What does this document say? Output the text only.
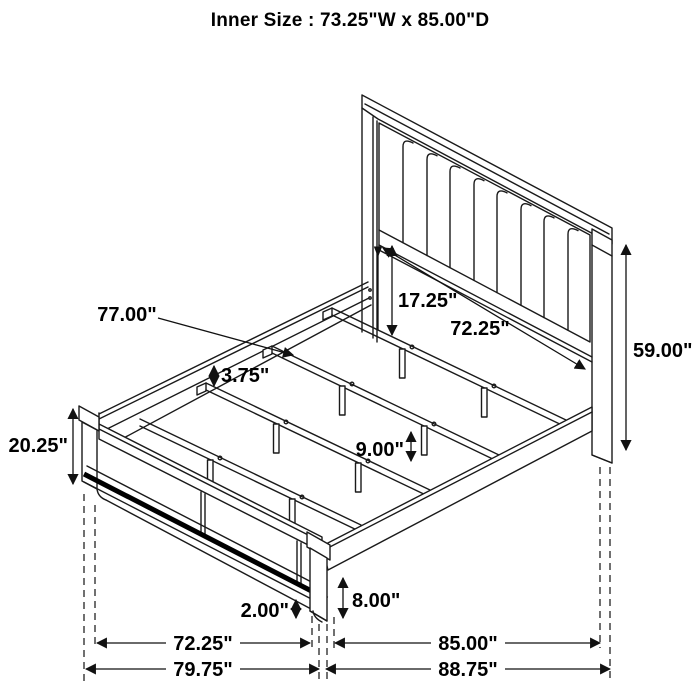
Inner Size : 73.25"W x 85.00"D
77.00"
3.75"
17.25"
72.25"
59.00"
20.25"	9.00"
2.00"	8.00"
72.25"	85.00"
79.75"	88.75"
